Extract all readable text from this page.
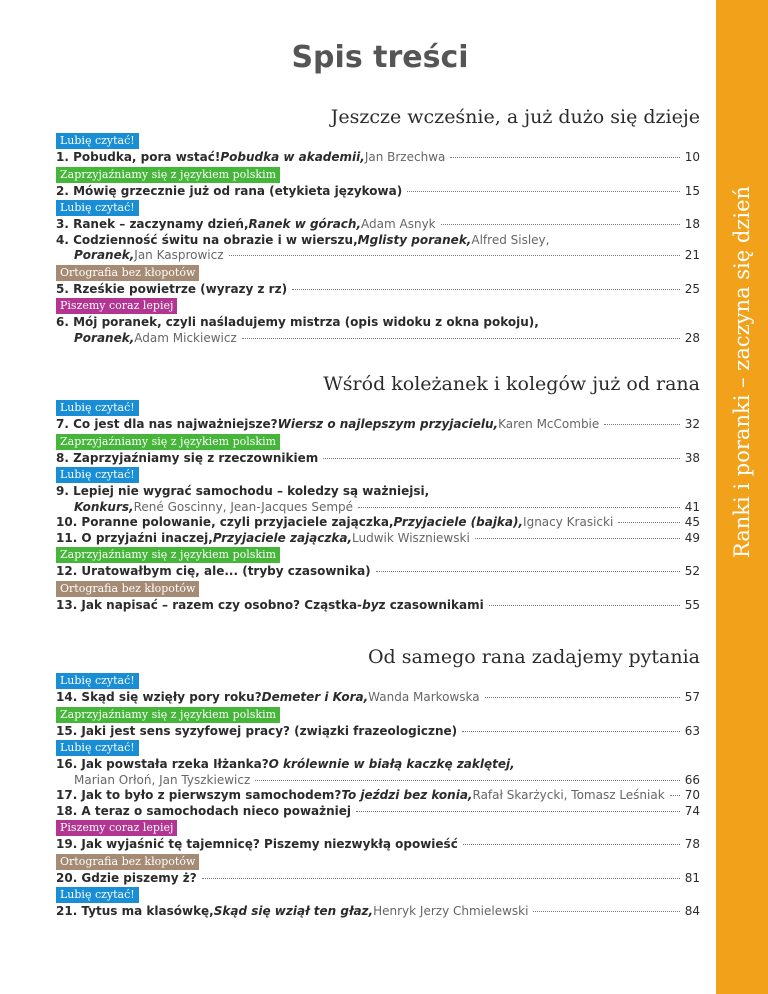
Ranki i poranki – zaczyna się dzień
Spis treści
Jeszcze wcześnie, a już dużo się dzieje
Lubię czytać!
1. Pobudka, pora wstać! Pobudka w akademii, Jan Brzechwa	10
Zaprzyjaźniamy się z językiem polskim
2. Mówię grzecznie już od rana (etykieta językowa)	15
Lubię czytać!
3. Ranek – zaczynamy dzień, Ranek w górach, Adam Asnyk	18
4. Codzienność świtu na obrazie i w wierszu, Mglisty poranek, Alfred Sisley,
Poranek, Jan Kasprowicz	21
Ortografia bez kłopotów
5. Rześkie powietrze (wyrazy z rz)	25
Piszemy coraz lepiej
6. Mój poranek, czyli naśladujemy mistrza (opis widoku z okna pokoju),
Poranek, Adam Mickiewicz	28
Wśród koleżanek i kolegów już od rana
Lubię czytać!
7. Co jest dla nas najważniejsze? Wiersz o najlepszym przyjacielu, Karen McCombie	32
Zaprzyjaźniamy się z językiem polskim
8. Zaprzyjaźniamy się z rzeczownikiem	38
Lubię czytać!
9. Lepiej nie wygrać samochodu – koledzy są ważniejsi,
Konkurs, René Goscinny, Jean-Jacques Sempé	41
10. Poranne polowanie, czyli przyjaciele zajączka, Przyjaciele (bajka), Ignacy Krasicki	45
11. O przyjaźni inaczej, Przyjaciele zajączka, Ludwik Wiszniewski	49
Zaprzyjaźniamy się z językiem polskim
12. Uratowałbym cię, ale... (tryby czasownika)	52
Ortografia bez kłopotów
13. Jak napisać – razem czy osobno? Cząstka -by z czasownikami	55
Od samego rana zadajemy pytania
Lubię czytać!
14. Skąd się wzięły pory roku? Demeter i Kora, Wanda Markowska	57
Zaprzyjaźniamy się z językiem polskim
15. Jaki jest sens syzyfowej pracy? (związki frazeologiczne)	63
Lubię czytać!
16. Jak powstała rzeka Iłżanka? O królewnie w białą kaczkę zaklętej,
Marian Orłoń, Jan Tyszkiewicz	66
17. Jak to było z pierwszym samochodem? To jeździ bez konia, Rafał Skarżycki, Tomasz Leśniak 70
18. A teraz o samochodach nieco poważniej	74
Piszemy coraz lepiej
19. Jak wyjaśnić tę tajemnicę? Piszemy niezwykłą opowieść	78
Ortografia bez kłopotów
20. Gdzie piszemy ż?	81
Lubię czytać!
21. Tytus ma klasówkę, Skąd się wziął ten głaz, Henryk Jerzy Chmielewski	84
